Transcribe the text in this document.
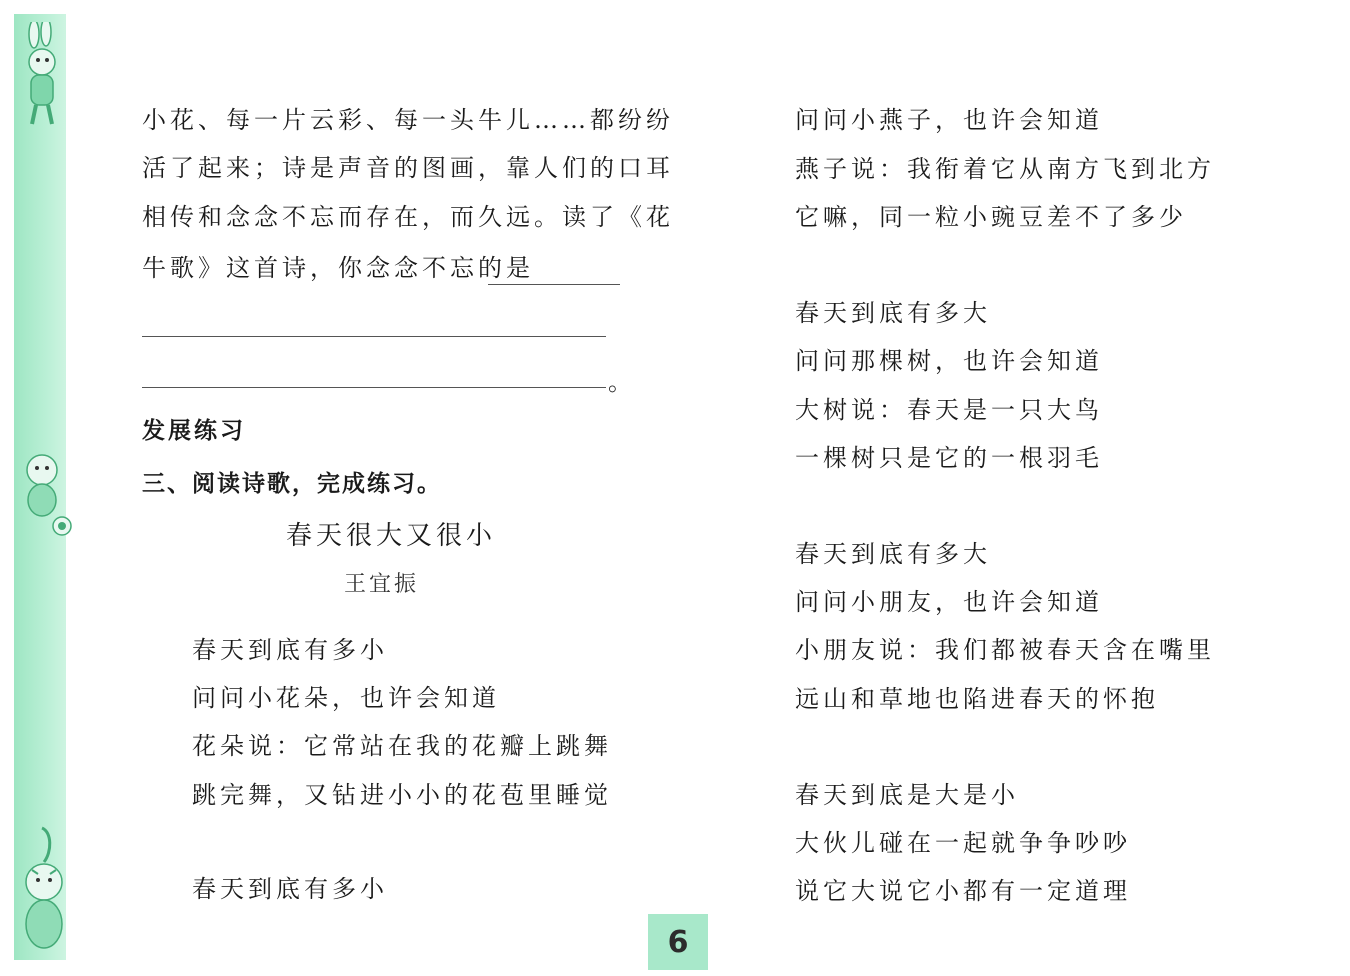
小花、每一片云彩、每一头牛儿……都纷纷
活了起来；诗是声音的图画，靠人们的口耳
相传和念念不忘而存在，而久远。读了《花
牛歌》这首诗，你念念不忘的是
。
发展练习
三、阅读诗歌，完成练习。
春天很大又很小
王宜振
春天到底有多小
问问小花朵，也许会知道
花朵说：它常站在我的花瓣上跳舞
跳完舞，又钻进小小的花苞里睡觉
春天到底有多小
问问小燕子，也许会知道
燕子说：我衔着它从南方飞到北方
它嘛，同一粒小豌豆差不了多少
春天到底有多大
问问那棵树，也许会知道
大树说：春天是一只大鸟
一棵树只是它的一根羽毛
春天到底有多大
问问小朋友，也许会知道
小朋友说：我们都被春天含在嘴里
远山和草地也陷进春天的怀抱
春天到底是大是小
大伙儿碰在一起就争争吵吵
说它大说它小都有一定道理
6
